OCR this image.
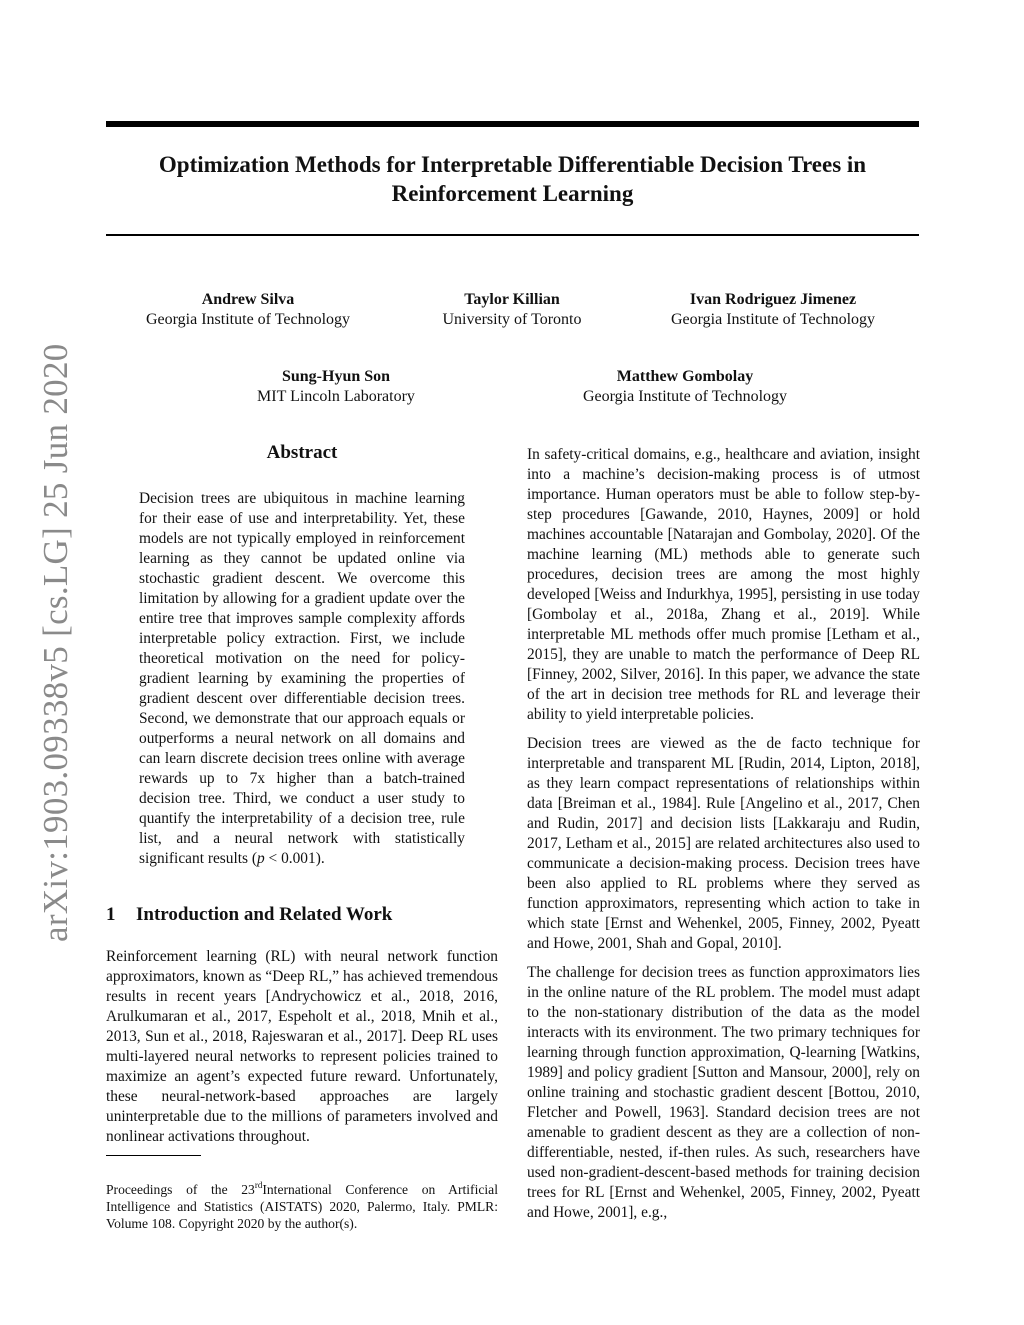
Optimization Methods for Interpretable Differentiable Decision Trees in Reinforcement Learning
Andrew Silva
Georgia Institute of Technology
Taylor Killian
University of Toronto
Ivan Rodriguez Jimenez
Georgia Institute of Technology
Sung-Hyun Son
MIT Lincoln Laboratory
Matthew Gombolay
Georgia Institute of Technology
arXiv:1903.09338v5 [cs.LG] 25 Jun 2020	Abstract
Decision trees are ubiquitous in machine learning for their ease of use and interpretability. Yet, these models are not typically employed in reinforcement learning as they cannot be updated online via stochastic gradient descent. We overcome this limitation by allowing for a gradient update over the entire tree that improves sample complexity affords interpretable policy extraction. First, we include theoretical motivation on the need for policy-gradient learning by examining the properties of gradient descent over differentiable decision trees. Second, we demonstrate that our approach equals or outperforms a neural network on all domains and can learn discrete decision trees online with average rewards up to 7x higher than a batch-trained decision tree. Third, we conduct a user study to quantify the interpretability of a decision tree, rule list, and a neural network with statistically significant results (p < 0.001).
1 Introduction and Related Work

Reinforcement learning (RL) with neural network function approximators, known as “Deep RL,” has achieved tremendous results in recent years [Andrychowicz et al., 2018, 2016, Arulkumaran et al., 2017, Espeholt et al., 2018, Mnih et al., 2013, Sun et al., 2018, Rajeswaran et al., 2017]. Deep RL uses multi-layered neural networks to represent policies trained to maximize an agent’s expected future reward. Unfortunately, these neural-network-based approaches are largely uninterpretable due to the millions of parameters involved and nonlinear activations throughout.

Proceedings of the 23rdInternational Conference on Artificial Intelligence and Statistics (AISTATS) 2020, Palermo, Italy. PMLR: Volume 108. Copyright 2020 by the author(s).

In safety-critical domains, e.g., healthcare and aviation, insight into a machine’s decision-making process is of utmost importance. Human operators must be able to follow step-by-step procedures [Gawande, 2010, Haynes, 2009] or hold machines accountable [Natarajan and Gombolay, 2020]. Of the machine learning (ML) methods able to generate such procedures, decision trees are among the most highly developed [Weiss and Indurkhya, 1995], persisting in use today [Gombolay et al., 2018a, Zhang et al., 2019]. While interpretable ML methods offer much promise [Letham et al., 2015], they are unable to match the performance of Deep RL [Finney, 2002, Silver, 2016]. In this paper, we advance the state of the art in decision tree methods for RL and leverage their ability to yield interpretable policies.

Decision trees are viewed as the de facto technique for interpretable and transparent ML [Rudin, 2014, Lipton, 2018], as they learn compact representations of relationships within data [Breiman et al., 1984]. Rule [Angelino et al., 2017, Chen and Rudin, 2017] and decision lists [Lakkaraju and Rudin, 2017, Letham et al., 2015] are related architectures also used to communicate a decision-making process. Decision trees have been also applied to RL problems where they served as function approximators, representing which action to take in which state [Ernst and Wehenkel, 2005, Finney, 2002, Pyeatt and Howe, 2001, Shah and Gopal, 2010].

The challenge for decision trees as function approximators lies in the online nature of the RL problem. The model must adapt to the non-stationary distribution of the data as the model interacts with its environment. The two primary techniques for learning through function approximation, Q-learning [Watkins, 1989] and policy gradient [Sutton and Mansour, 2000], rely on online training and stochastic gradient descent [Bottou, 2010, Fletcher and Powell, 1963]. Standard decision trees are not amenable to gradient descent as they are a collection of non-differentiable, nested, if-then rules. As such, researchers have used non-gradient-descent-based methods for training decision trees for RL [Ernst and Wehenkel, 2005, Finney, 2002, Pyeatt and Howe, 2001], e.g.,
